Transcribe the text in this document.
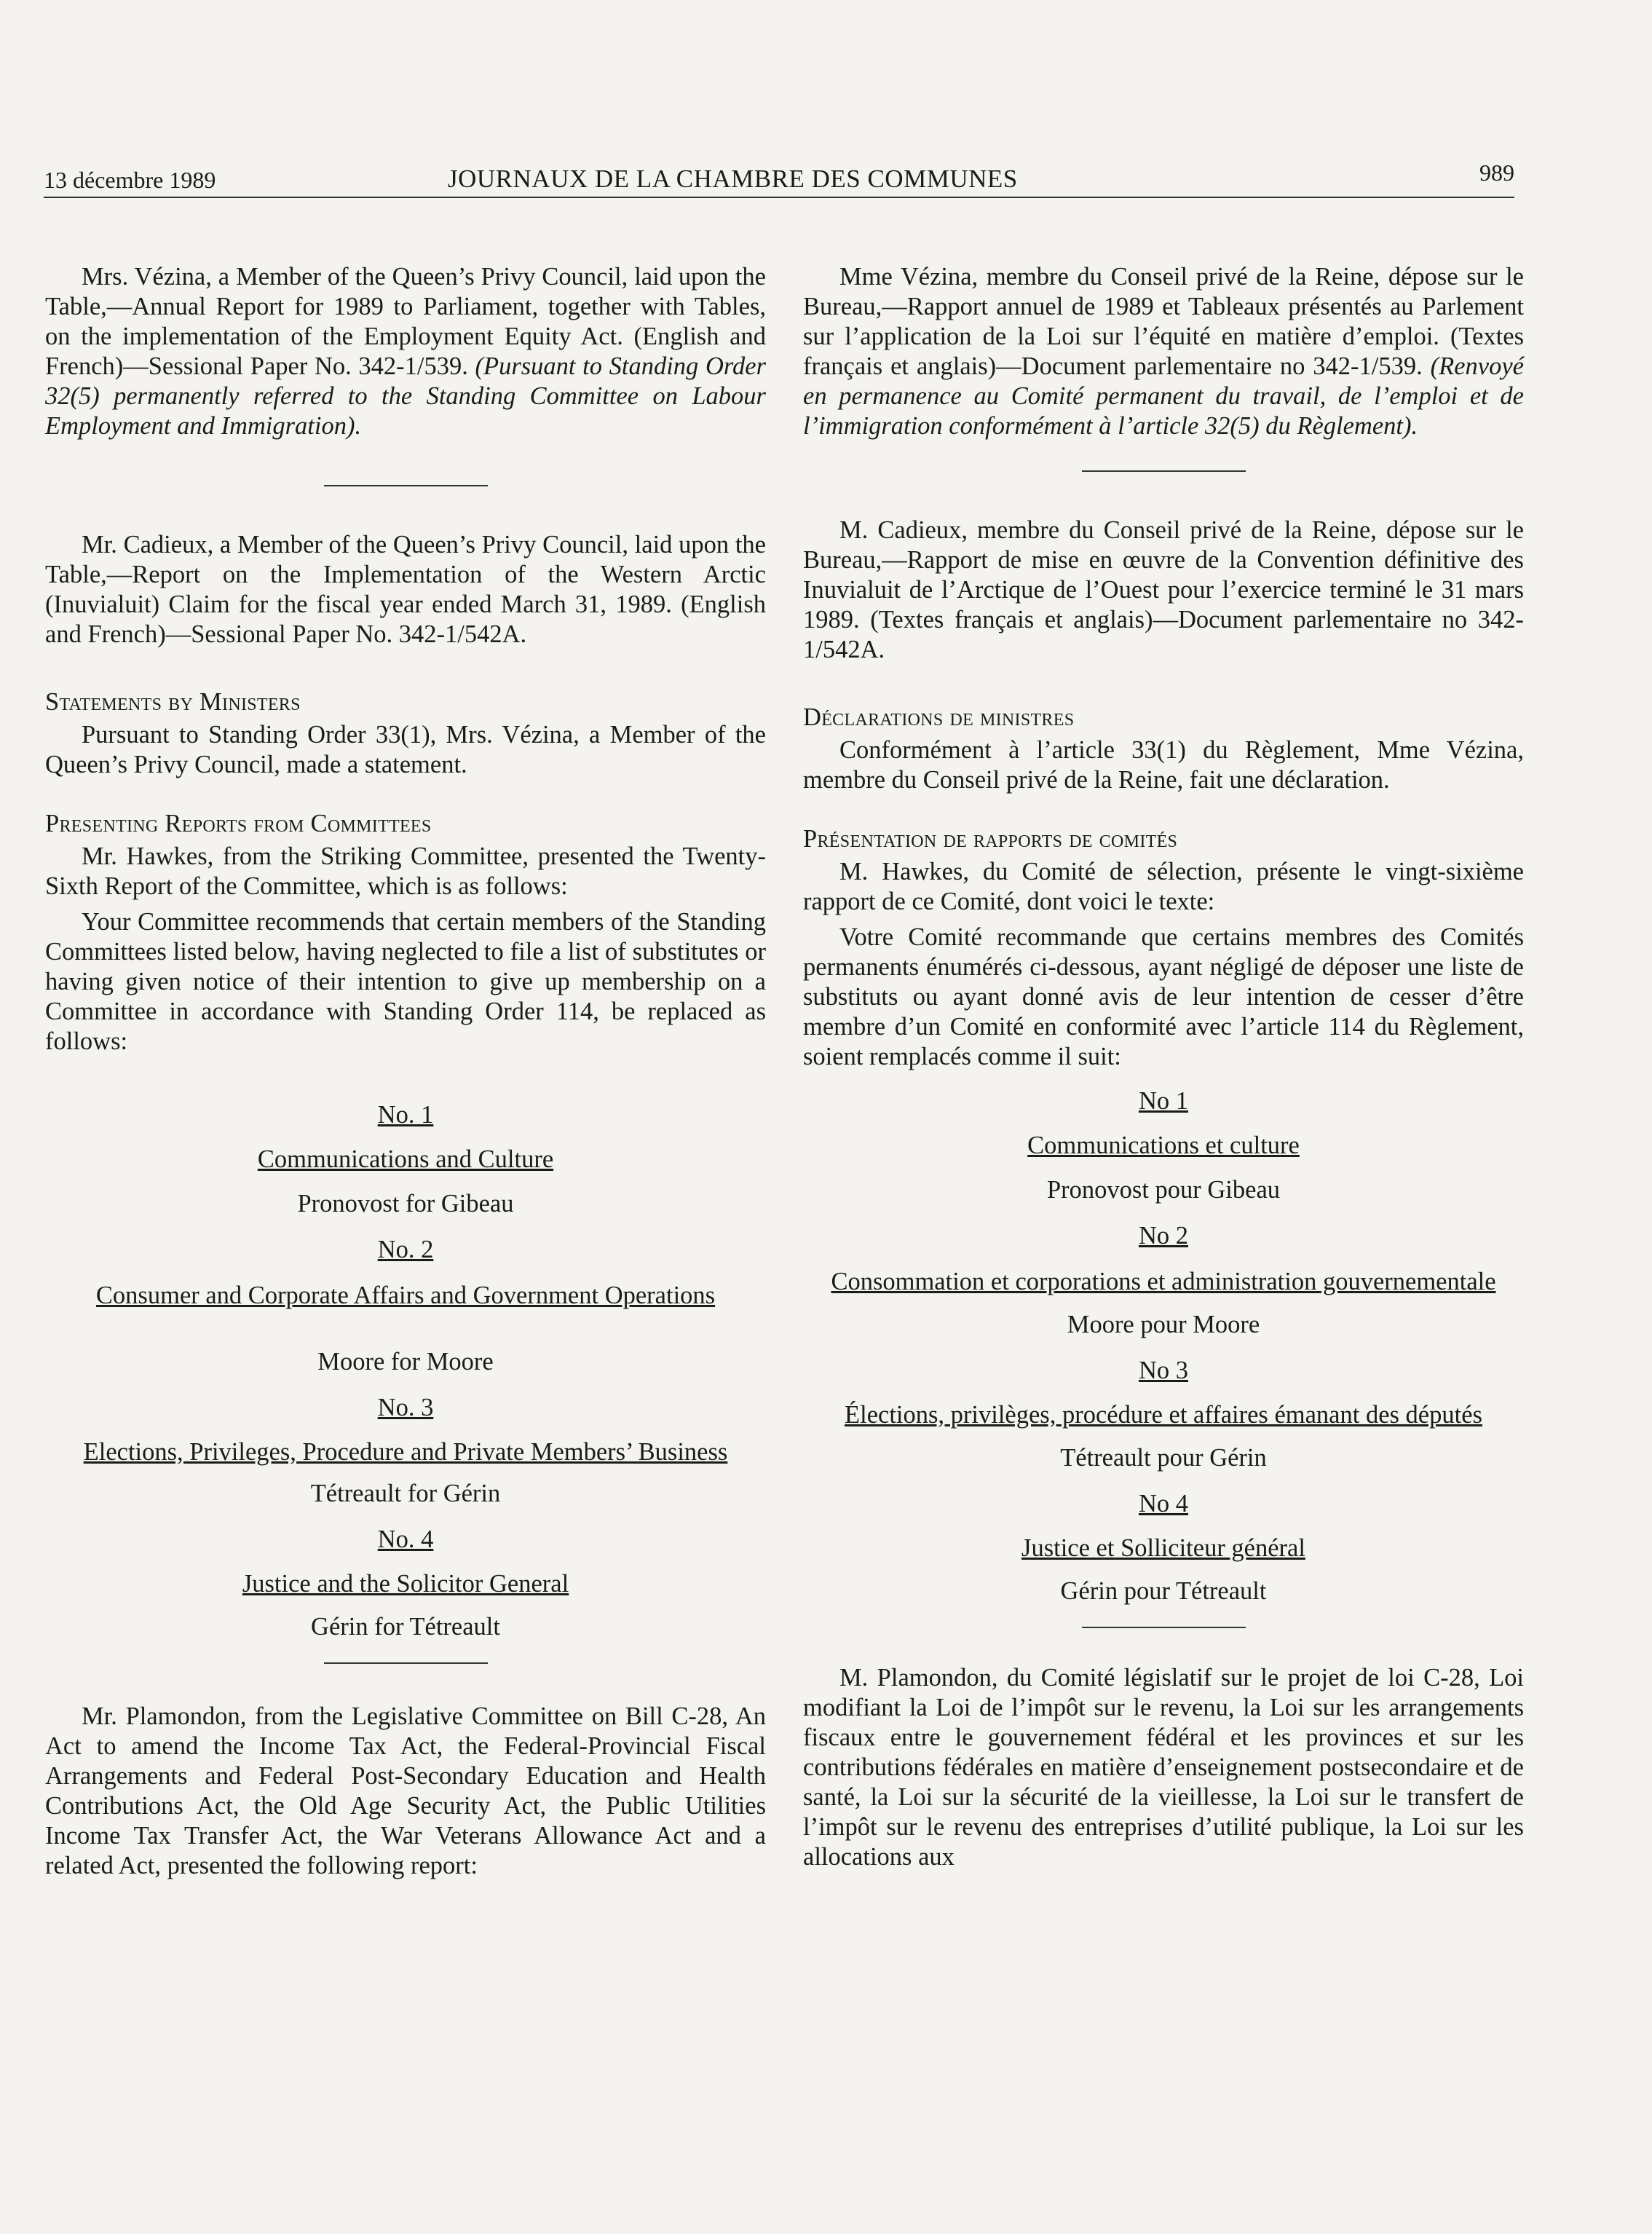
13 décembre 1989	JOURNAUX DE LA CHAMBRE DES COMMUNES	989

Mrs. Vézina, a Member of the Queen’s Privy Council, laid upon the Table,—Annual Report for 1989 to Parliament, together with Tables, on the implementation of the Employment Equity Act. (English and French)—Sessional Paper No. 342-1/539. (Pursuant to Standing Order 32(5) permanently referred to the Standing Committee on Labour Employment and Immigration).

Mr. Cadieux, a Member of the Queen’s Privy Council, laid upon the Table,—Report on the Implementation of the Western Arctic (Inuvialuit) Claim for the fiscal year ended March 31, 1989. (English and French)—Sessional Paper No. 342-1/542A.

Statements by Ministers

Pursuant to Standing Order 33(1), Mrs. Vézina, a Member of the Queen’s Privy Council, made a statement.

Presenting Reports from Committees

Mr. Hawkes, from the Striking Committee, presented the Twenty-Sixth Report of the Committee, which is as follows:

Your Committee recommends that certain members of the Standing Committees listed below, having neglected to file a list of substitutes or having given notice of their intention to give up membership on a Committee in accordance with Standing Order 114, be replaced as follows:

No. 1

Communications and Culture

Pronovost for Gibeau

No. 2

Consumer and Corporate Affairs and Government Operations

Moore for Moore

No. 3

Elections, Privileges, Procedure and Private Members’ Business

Tétreault for Gérin

No. 4

Justice and the Solicitor General

Gérin for Tétreault

Mr. Plamondon, from the Legislative Committee on Bill C-28, An Act to amend the Income Tax Act, the Federal-Provincial Fiscal Arrangements and Federal Post-Secondary Education and Health Contributions Act, the Old Age Security Act, the Public Utilities Income Tax Transfer Act, the War Veterans Allowance Act and a related Act, presented the following report:

Mme Vézina, membre du Conseil privé de la Reine, dépose sur le Bureau,—Rapport annuel de 1989 et Tableaux présentés au Parlement sur l’application de la Loi sur l’équité en matière d’emploi. (Textes français et anglais)—Document parlementaire no 342-1/539. (Renvoyé en permanence au Comité permanent du travail, de l’emploi et de l’immigration conformément à l’article 32(5) du Règlement).

M. Cadieux, membre du Conseil privé de la Reine, dépose sur le Bureau,—Rapport de mise en œuvre de la Convention définitive des Inuvialuit de l’Arctique de l’Ouest pour l’exercice terminé le 31 mars 1989. (Textes français et anglais)—Document parlementaire no 342-1/542A.

Déclarations de ministres

Conformément à l’article 33(1) du Règlement, Mme Vézina, membre du Conseil privé de la Reine, fait une déclaration.

Présentation de rapports de comités

M. Hawkes, du Comité de sélection, présente le vingt-sixième rapport de ce Comité, dont voici le texte:

Votre Comité recommande que certains membres des Comités permanents énumérés ci-dessous, ayant négligé de déposer une liste de substituts ou ayant donné avis de leur intention de cesser d’être membre d’un Comité en conformité avec l’article 114 du Règlement, soient remplacés comme il suit:

No 1

Communications et culture

Pronovost pour Gibeau

No 2

Consommation et corporations et administration gouvernementale

Moore pour Moore

No 3

Élections, privilèges, procédure et affaires émanant des députés

Tétreault pour Gérin

No 4

Justice et Solliciteur général

Gérin pour Tétreault

M. Plamondon, du Comité législatif sur le projet de loi C-28, Loi modifiant la Loi de l’impôt sur le revenu, la Loi sur les arrangements fiscaux entre le gouvernement fédéral et les provinces et sur les contributions fédérales en matière d’enseignement postsecondaire et de santé, la Loi sur la sécurité de la vieillesse, la Loi sur le transfert de l’impôt sur le revenu des entreprises d’utilité publique, la Loi sur les allocations aux
